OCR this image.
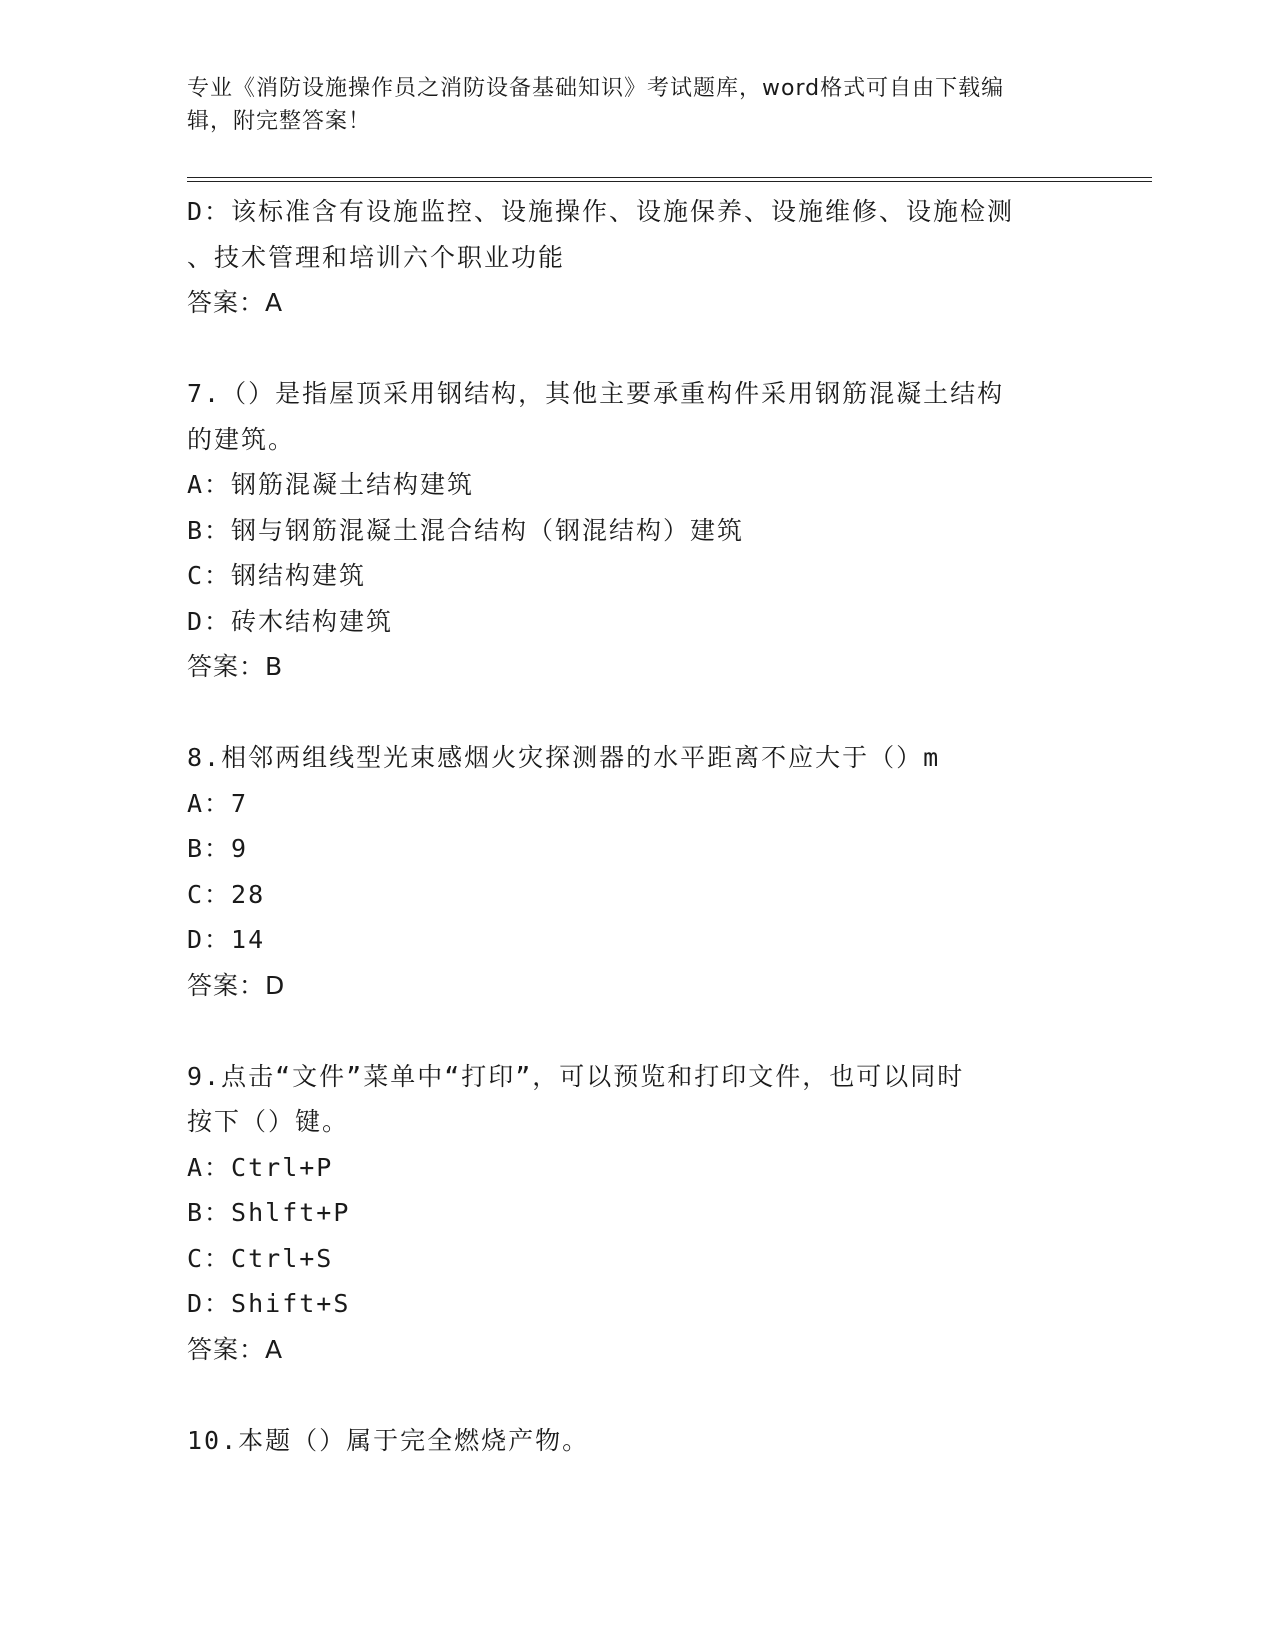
专业《消防设施操作员之消防设备基础知识》考试题库，word格式可自由下载编
辑，附完整答案！
D：该标准含有设施监控、设施操作、设施保养、设施维修、设施检测
、技术管理和培训六个职业功能
答案：A
7.（）是指屋顶采用钢结构，其他主要承重构件采用钢筋混凝土结构
的建筑。
A：钢筋混凝土结构建筑
B：钢与钢筋混凝土混合结构（钢混结构）建筑
C：钢结构建筑
D：砖木结构建筑
答案：B
8.相邻两组线型光束感烟火灾探测器的水平距离不应大于（）m
A：7
B：9
C：28
D：14
答案：D
9.点击“文件”菜单中“打印”，可以预览和打印文件，也可以同时
按下（）键。
A：Ctrl+P
B：Shlft+P
C：Ctrl+S
D：Shift+S
答案：A
10.本题（）属于完全燃烧产物。
